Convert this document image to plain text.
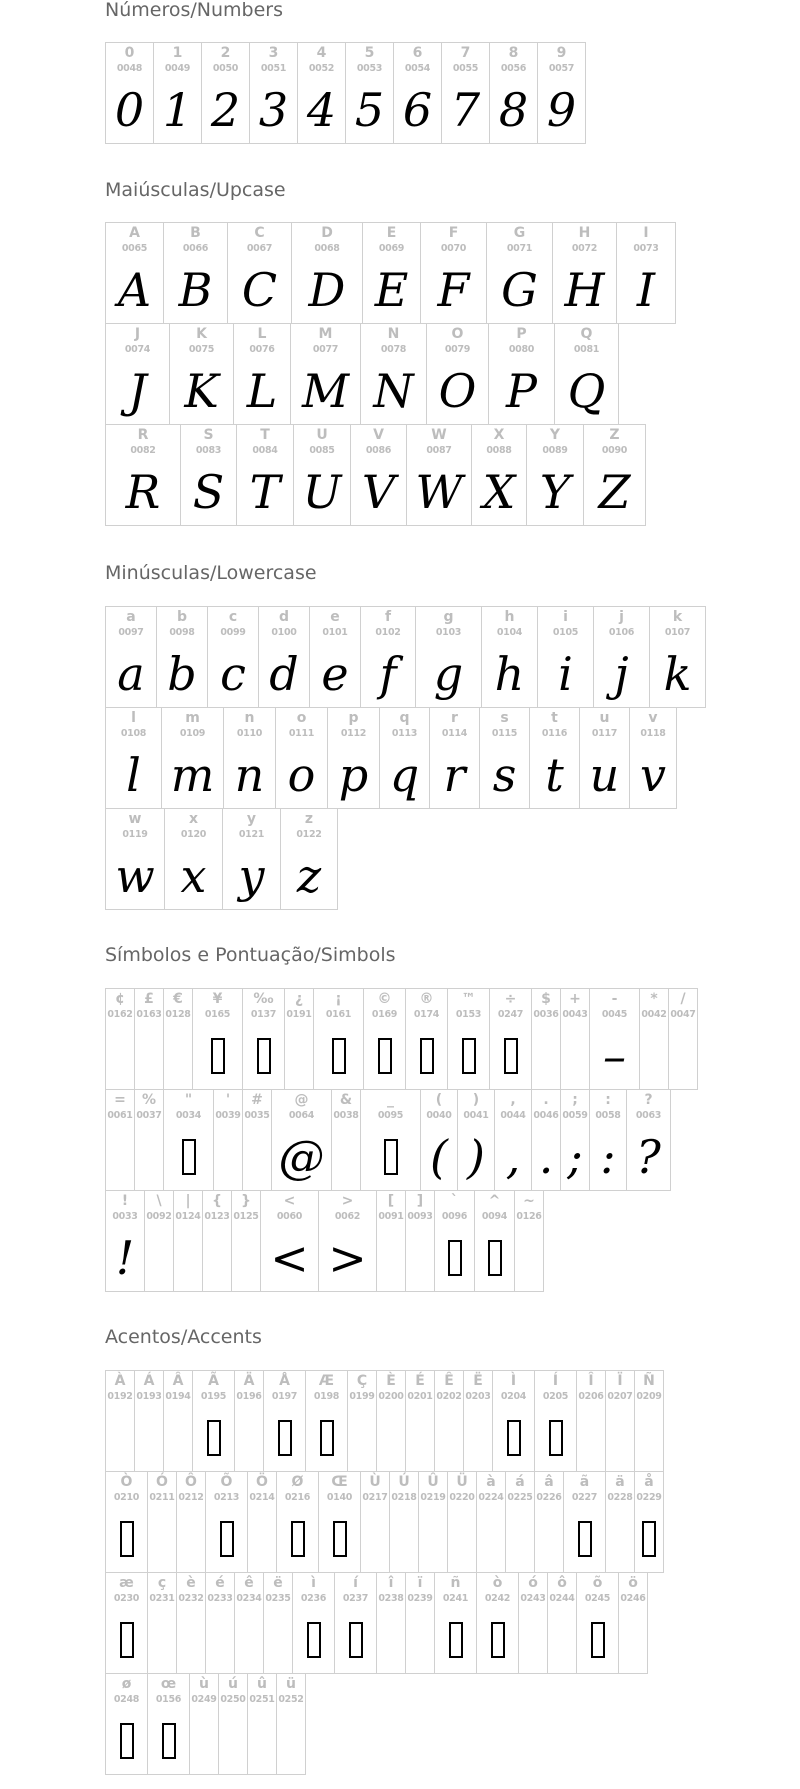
Números/Numbers
0
0048
0
1
0049
1
2
0050
2
3
0051
3
4
0052
4
5
0053
5
6
0054
6
7
0055
7
8
0056
8
9
0057
9
Maiúsculas/Upcase
A
0065
A
B
0066
B
C
0067
C
D
0068
D
E
0069
E
F
0070
F
G
0071
G
H
0072
H
I
0073
I
J
0074
J
K
0075
K
L
0076
L
M
0077
M
N
0078
N
O
0079
O
P
0080
P
Q
0081
Q
R
0082
R
S
0083
S
T
0084
T
U
0085
U
V
0086
V
W
0087
W
X
0088
X
Y
0089
Y
Z
0090
Z
Minúsculas/Lowercase
a
0097
a
b
0098
b
c
0099
c
d
0100
d
e
0101
e
f
0102
f
g
0103
g
h
0104
h
i
0105
i
j
0106
j
k
0107
k
l
0108
l
m
0109
m
n
0110
n
o
0111
o
p
0112
p
q
0113
q
r
0114
r
s
0115
s
t
0116
t
u
0117
u
v
0118
v
w
0119
w
x
0120
x
y
0121
y
z
0122
z
Símbolos e Pontuação/Simbols
¢
0162
£
0163
€
0128
¥
0165
‰
0137
¿
0191
¡
0161
©
0169
®
0174
™
0153
÷
0247
$
0036
+
0043
-
0045
–
*
0042
/
0047
=
0061
%
0037
"
0034
'
0039
#
0035
@
0064
@
&
0038
_
0095
(
0040
(
)
0041
)
,
0044
,
.
0046
.
;
0059
;
:
0058
:
?
0063
?
!
0033
!
\
0092
|
0124
{
0123
}
0125
<
0060
<
>
0062
>
[
0091
]
0093
`
0096
^
0094
~
0126
Acentos/Accents
À
0192
Á
0193
Â
0194
Ã
0195
Ä
0196
Å
0197
Æ
0198
Ç
0199
È
0200
É
0201
Ê
0202
Ë
0203
Ì
0204
Í
0205
Î
0206
Ï
0207
Ñ
0209
Ò
0210
Ó
0211
Ô
0212
Õ
0213
Ö
0214
Ø
0216
Œ
0140
Ù
0217
Ú
0218
Û
0219
Ü
0220
à
0224
á
0225
â
0226
ã
0227
ä
0228
å
0229
æ
0230
ç
0231
è
0232
é
0233
ê
0234
ë
0235
ì
0236
í
0237
î
0238
ï
0239
ñ
0241
ò
0242
ó
0243
ô
0244
õ
0245
ö
0246
ø
0248
œ
0156
ù
0249
ú
0250
û
0251
ü
0252
